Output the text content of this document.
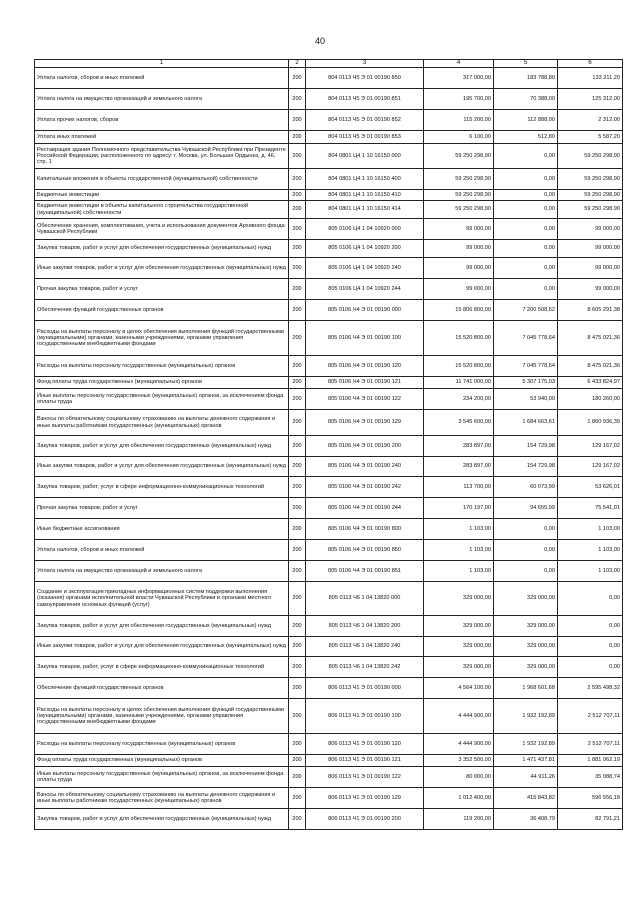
40
1	2	3	4	5	6
Уплата налогов, сборов и иных платежей	200	804 0113 Ч5 Э 01 00190 850	317 000,00	183 788,80	133 211,20
Уплата налога на имущество организаций и земельного налога	200	804 0113 Ч5 Э 01 00190 851	195 700,00	70 388,00	125 312,00
Уплата прочих налогов, сборов	200	804 0113 Ч5 Э 01 00190 852	115 200,00	112 888,00	2 312,00
Уплата иных платежей	200	804 0113 Ч5 Э 01 00190 853	6 100,00	512,80	5 587,20
Реставрация здания Полномочного представительства Чувашской Республики при Президенте Российской Федерации, расположенного по адресу: г. Москва, ул. Большая Ордынка, д. 46, стр. 1	200	804 0801 Ц4 1 10 16150 000	59 250 298,90	0,00	59 250 298,90
Капитальные вложения в объекты государственной (муниципальной) собственности	200	804 0801 Ц4 1 10 16150 400	59 250 298,90	0,00	59 250 298,90
Бюджетные инвестиции	200	804 0801 Ц4 1 10 16150 410	59 250 298,90	0,00	59 250 298,90
Бюджетные инвестиции в объекты капитального строительства государственной (муниципальной) собственности	200	804 0801 Ц4 1 10 16150 414	59 250 298,90	0,00	59 250 298,90
Обеспечение хранения, комплектования, учета и использования документов Архивного фонда Чувашской Республики	200	805 0106 Ц4 1 04 10920 000	99 000,00	0,00	99 000,00
Закупка товаров, работ и услуг для обеспечения государственных (муниципальных) нужд	200	805 0106 Ц4 1 04 10920 200	99 000,00	0,00	99 000,00
Иные закупки товаров, работ и услуг для обеспечения государственных (муниципальных) нужд	200	805 0106 Ц4 1 04 10920 240	99 000,00	0,00	99 000,00
Прочая закупка товаров, работ и услуг	200	805 0106 Ц4 1 04 10920 244	99 000,00	0,00	99 000,00
Обеспечение функций государственных органов	200	805 0106 Ч4 Э 01 00190 000	15 806 800,00	7 200 508,62	8 605 291,38
Расходы на выплаты персоналу в целях обеспечения выполнения функций государственными (муниципальными) органами, казенными учреждениями, органами управления государственными внебюджетными фондами	200	805 0106 Ч4 Э 01 00190 100	15 520 800,00	7 045 778,64	8 475 021,36
Расходы на выплаты персоналу государственных (муниципальных) органов	200	805 0106 Ч4 Э 01 00190 120	15 520 800,00	7 045 778,64	8 475 021,36
Фонд оплаты труда государственных (муниципальных) органов	200	805 0106 Ч4 Э 01 00190 121	11 741 000,00	5 307 175,03	6 433 824,97
Иные выплаты персоналу государственных (муниципальных) органов, за исключением фонда оплаты труда	200	805 0106 Ч4 Э 01 00190 122	234 200,00	53 940,00	180 260,00
Взносы по обязательному социальному страхованию на выплаты денежного содержания и иные выплаты работникам государственных (муниципальных) органов	200	805 0106 Ч4 Э 01 00190 129	3 545 600,00	1 684 663,61	1 860 936,39
Закупка товаров, работ и услуг для обеспечения государственных (муниципальных) нужд	200	805 0106 Ч4 Э 01 00190 200	283 897,00	154 729,98	129 167,02
Иные закупки товаров, работ и услуг для обеспечения государственных (муниципальных) нужд	200	805 0106 Ч4 Э 01 00190 240	283 897,00	154 729,98	129 167,02
Закупка товаров, работ, услуг в сфере информационно-коммуникационных технологий	200	805 0106 Ч4 Э 01 00190 242	113 700,00	60 073,99	53 626,01
Прочая закупка товаров, работ и услуг	200	805 0106 Ч4 Э 01 00190 244	170 197,00	94 655,99	75 541,01
Иные бюджетные ассигнования	200	805 0106 Ч4 Э 01 00190 800	1 103,00	0,00	1 103,00
Уплата налогов, сборов и иных платежей	200	805 0106 Ч4 Э 01 00190 850	1 103,00	0,00	1 103,00
Уплата налога на имущество организаций и земельного налога	200	805 0106 Ч4 Э 01 00190 851	1 103,00	0,00	1 103,00
Создание и эксплуатация прикладных информационных систем поддержки выполнения (оказания) органами исполнительной власти Чувашской Республики и органами местного самоуправления основных функций (услуг)	200	805 0113 Ч6 1 04 13820 000	329 000,00	329 000,00	0,00
Закупка товаров, работ и услуг для обеспечения государственных (муниципальных) нужд	200	805 0113 Ч6 1 04 13820 200	329 000,00	329 000,00	0,00
Иные закупки товаров, работ и услуг для обеспечения государственных (муниципальных) нужд	200	805 0113 Ч6 1 04 13820 240	329 000,00	329 000,00	0,00
Закупка товаров, работ, услуг в сфере информационно-коммуникационных технологий	200	805 0113 Ч6 1 04 13820 242	329 000,00	329 000,00	0,00
Обеспечение функций государственных органов	200	806 0113 Ч1 Э 01 00190 000	4 564 100,00	1 968 601,68	2 595 498,32
Расходы на выплаты персоналу в целях обеспечения выполнения функций государственными (муниципальными) органами, казенными учреждениями, органами управления государственными внебюджетными фондами	200	806 0113 Ч1 Э 01 00190 100	4 444 900,00	1 932 192,89	2 512 707,11
Расходы на выплаты персоналу государственных (муниципальных) органов	200	806 0113 Ч1 Э 01 00190 120	4 444 900,00	1 932 192,89	2 512 707,11
Фонд оплаты труда государственных (муниципальных) органов	200	806 0113 Ч1 Э 01 00190 121	3 352 500,00	1 471 437,81	1 881 062,19
Иные выплаты персоналу государственных (муниципальных) органов, за исключением фонда оплаты труда	200	806 0113 Ч1 Э 01 00190 122	80 000,00	44 911,26	35 088,74
Взносы по обязательному социальному страхованию на выплаты денежного содержания и иные выплаты работникам государственных (муниципальных) органов	200	806 0113 Ч1 Э 01 00190 129	1 012 400,00	415 843,82	596 556,18
Закупка товаров, работ и услуг для обеспечения государственных (муниципальных) нужд	200	806 0113 Ч1 Э 01 00190 200	119 200,00	36 408,79	82 791,21
